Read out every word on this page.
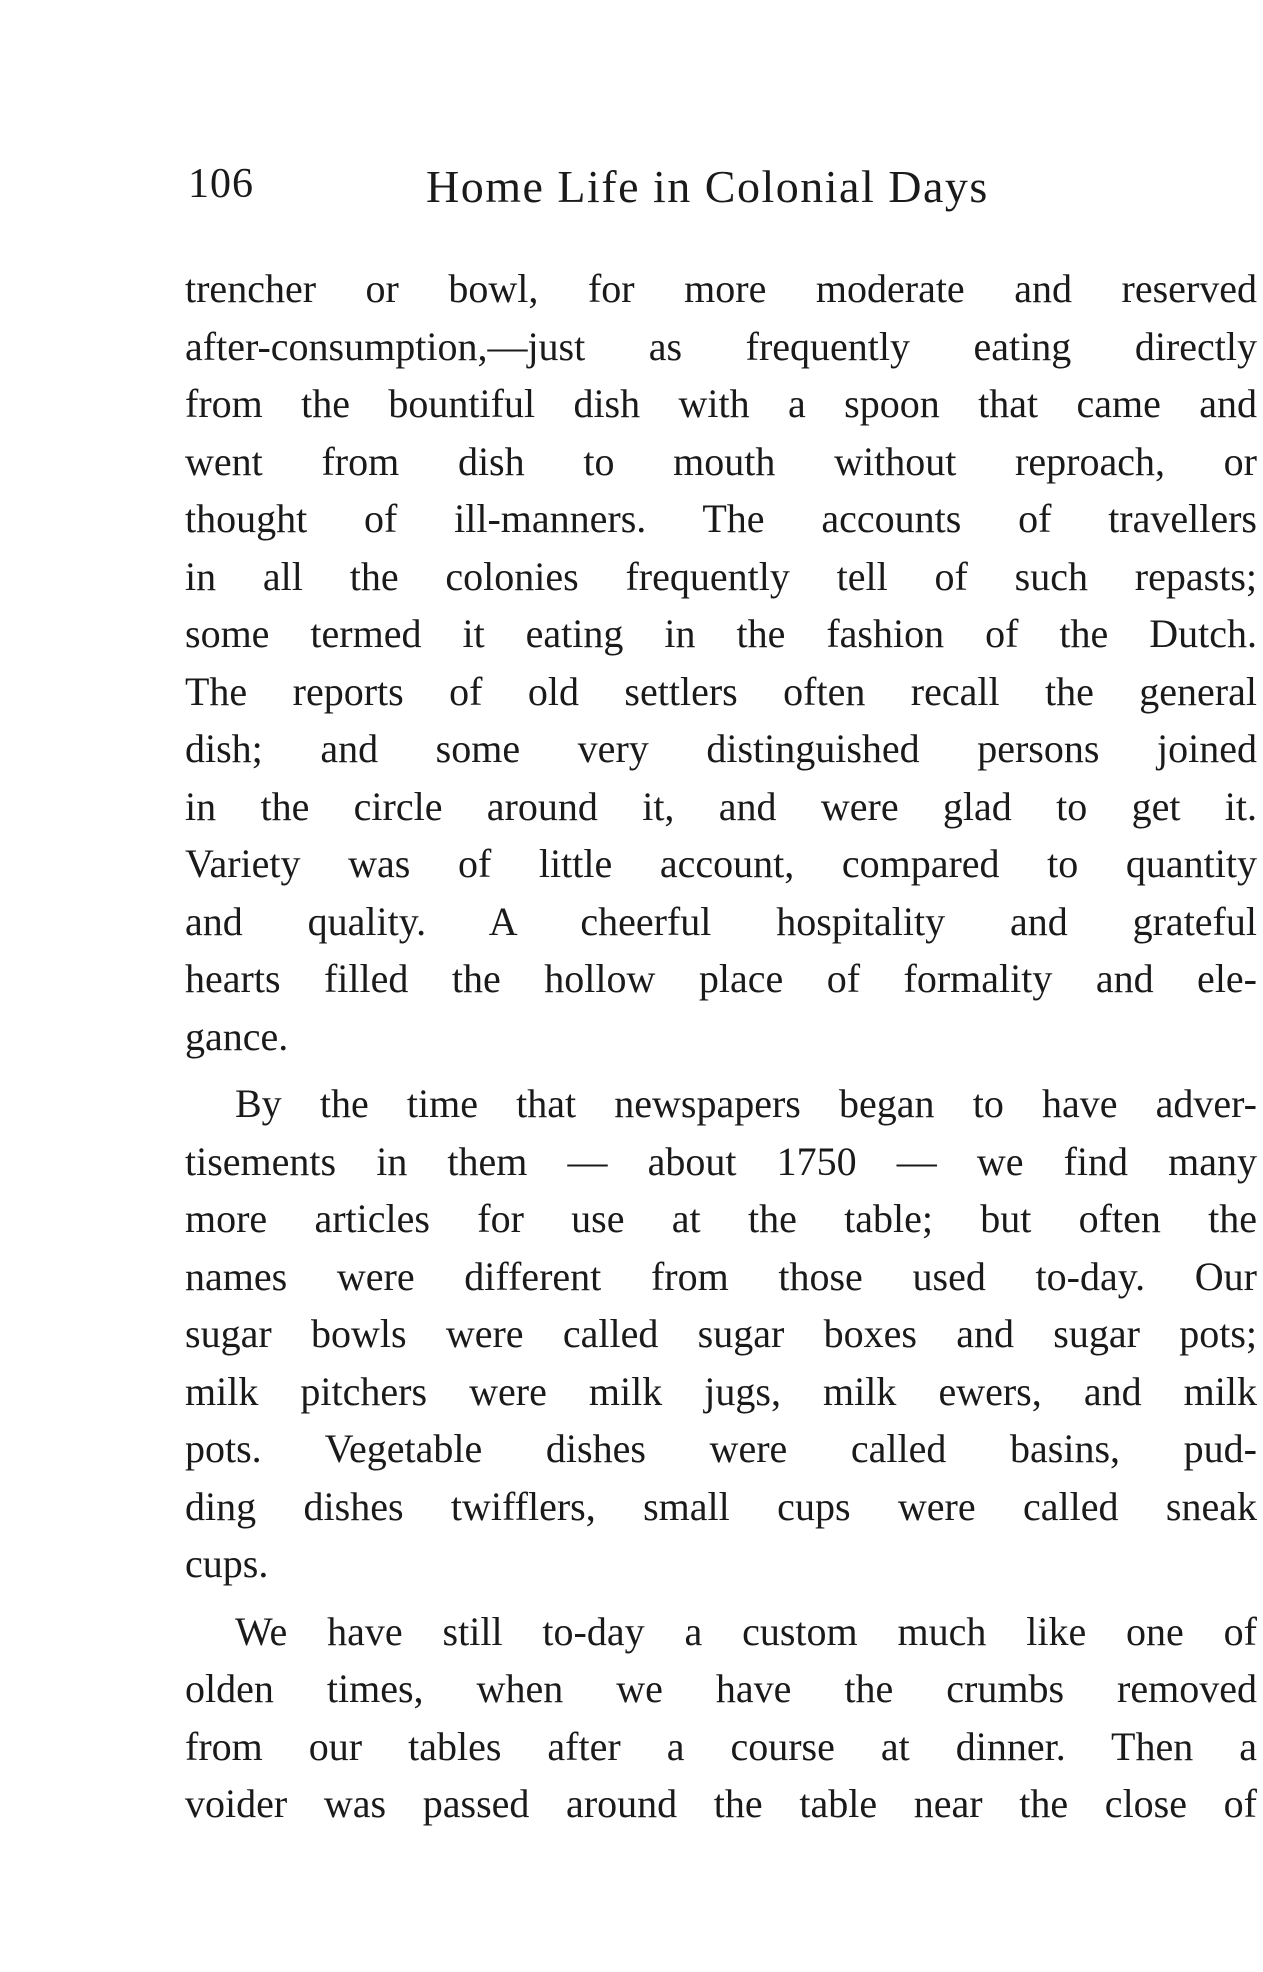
106	Home Life in Colonial Days
trencher or bowl, for more moderate and reserved
after-consumption,—just as frequently eating directly
from the bountiful dish with a spoon that came and
went from dish to mouth without reproach, or
thought of ill-manners. The accounts of travellers
in all the colonies frequently tell of such repasts;
some termed it eating in the fashion of the Dutch.
The reports of old settlers often recall the general
dish; and some very distinguished persons joined
in the circle around it, and were glad to get it.
Variety was of little account, compared to quantity
and quality. A cheerful hospitality and grateful
hearts filled the hollow place of formality and ele-
gance.
By the time that newspapers began to have adver-
tisements in them — about 1750 — we find many
more articles for use at the table; but often the
names were different from those used to-day. Our
sugar bowls were called sugar boxes and sugar pots;
milk pitchers were milk jugs, milk ewers, and milk
pots. Vegetable dishes were called basins, pud-
ding dishes twifflers, small cups were called sneak
cups.
We have still to-day a custom much like one of
olden times, when we have the crumbs removed
from our tables after a course at dinner. Then a
voider was passed around the table near the close of
